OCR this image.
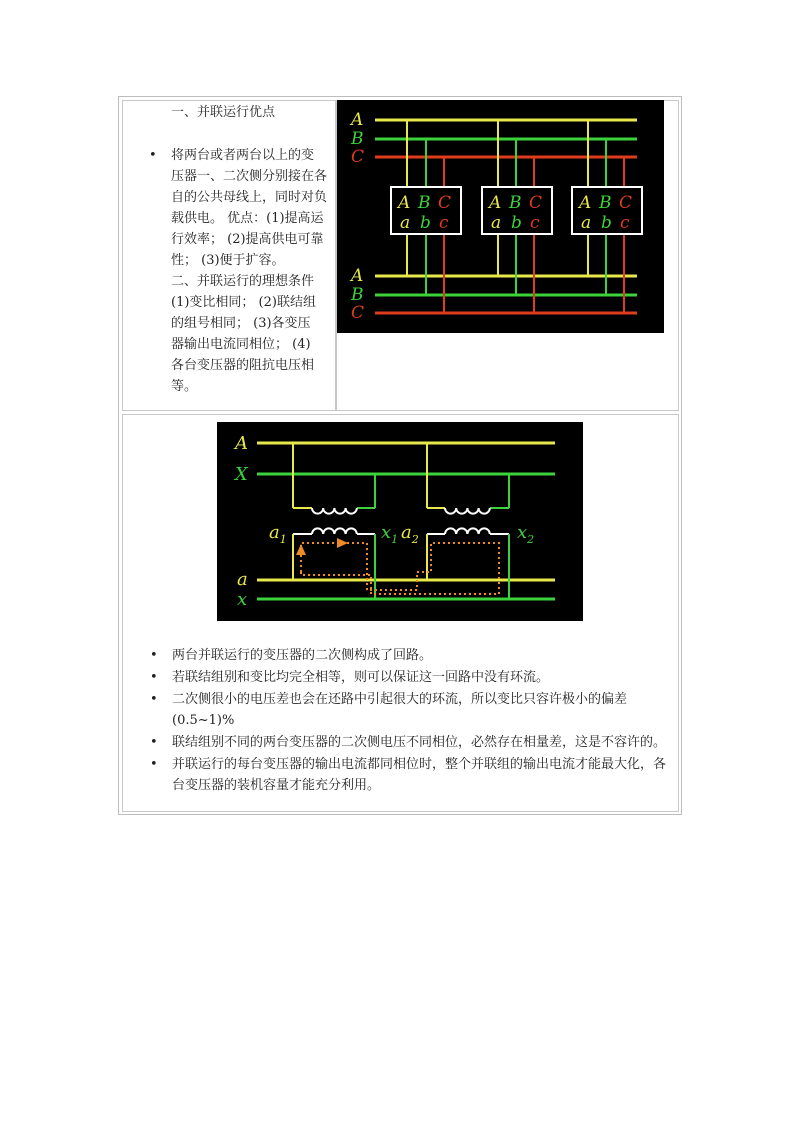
一、并联运行优点
• 将两台或者两台以上的变
压器一、二次侧分别接在各
自的公共母线上，同时对负
载供电。 优点：(1)提高运
行效率； (2)提高供电可靠
性； (3)便于扩容。
二、并联运行的理想条件
(1)变比相同； (2)联结组
的组号相同； (3)各变压
器输出电流同相位； (4)
各台变压器的阻抗电压相
等。
A
B
C
A
B
C
A B C
a b c
A B C
a b c
A B C
a b c
A
X
a
x
$a_1$	$x_1$ $a_2$	$x_2$
• 两台并联运行的变压器的二次侧构成了回路。
• 若联结组别和变比均完全相等，则可以保证这一回路中没有环流。
• 二次侧很小的电压差也会在还路中引起很大的环流，所以变比只容许极小的偏差
(0.5~1)%
• 联结组别不同的两台变压器的二次侧电压不同相位，必然存在相量差，这是不容许的。
• 并联运行的每台变压器的输出电流都同相位时，整个并联组的输出电流才能最大化，各
台变压器的装机容量才能充分利用。
